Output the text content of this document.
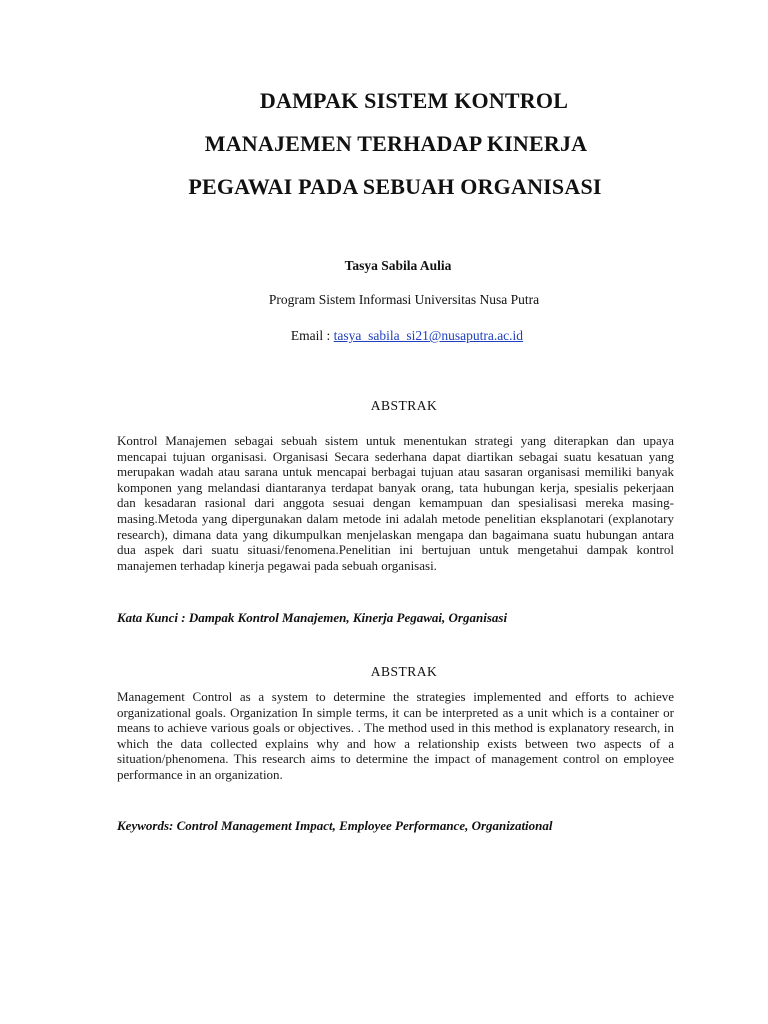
DAMPAK SISTEM KONTROL
MANAJEMEN TERHADAP KINERJA
PEGAWAI PADA SEBUAH ORGANISASI
Tasya Sabila Aulia
Program Sistem Informasi Universitas Nusa Putra
Email : tasya_sabila_si21@nusaputra.ac.id
ABSTRAK
Kontrol Manajemen sebagai sebuah sistem untuk menentukan strategi yang diterapkan dan upaya mencapai tujuan organisasi. Organisasi Secara sederhana dapat diartikan sebagai suatu kesatuan yang merupakan wadah atau sarana untuk mencapai berbagai tujuan atau sasaran organisasi memiliki banyak komponen yang melandasi diantaranya terdapat banyak orang, tata hubungan kerja, spesialis pekerjaan dan kesadaran rasional dari anggota sesuai dengan kemampuan dan spesialisasi mereka masing-masing.Metoda yang dipergunakan dalam metode ini adalah metode penelitian eksplanotari (explanotary research), dimana data yang dikumpulkan menjelaskan mengapa dan bagaimana suatu hubungan antara dua aspek dari suatu situasi/fenomena.Penelitian ini bertujuan untuk mengetahui dampak kontrol manajemen terhadap kinerja pegawai pada sebuah organisasi.
Kata Kunci : Dampak Kontrol Manajemen, Kinerja Pegawai, Organisasi
ABSTRAK
Management Control as a system to determine the strategies implemented and efforts to achieve organizational goals. Organization In simple terms, it can be interpreted as a unit which is a container or means to achieve various goals or objectives. . The method used in this method is explanatory research, in which the data collected explains why and how a relationship exists between two aspects of a situation/phenomena. This research aims to determine the impact of management control on employee performance in an organization.
Keywords: Control Management Impact, Employee Performance, Organizational
